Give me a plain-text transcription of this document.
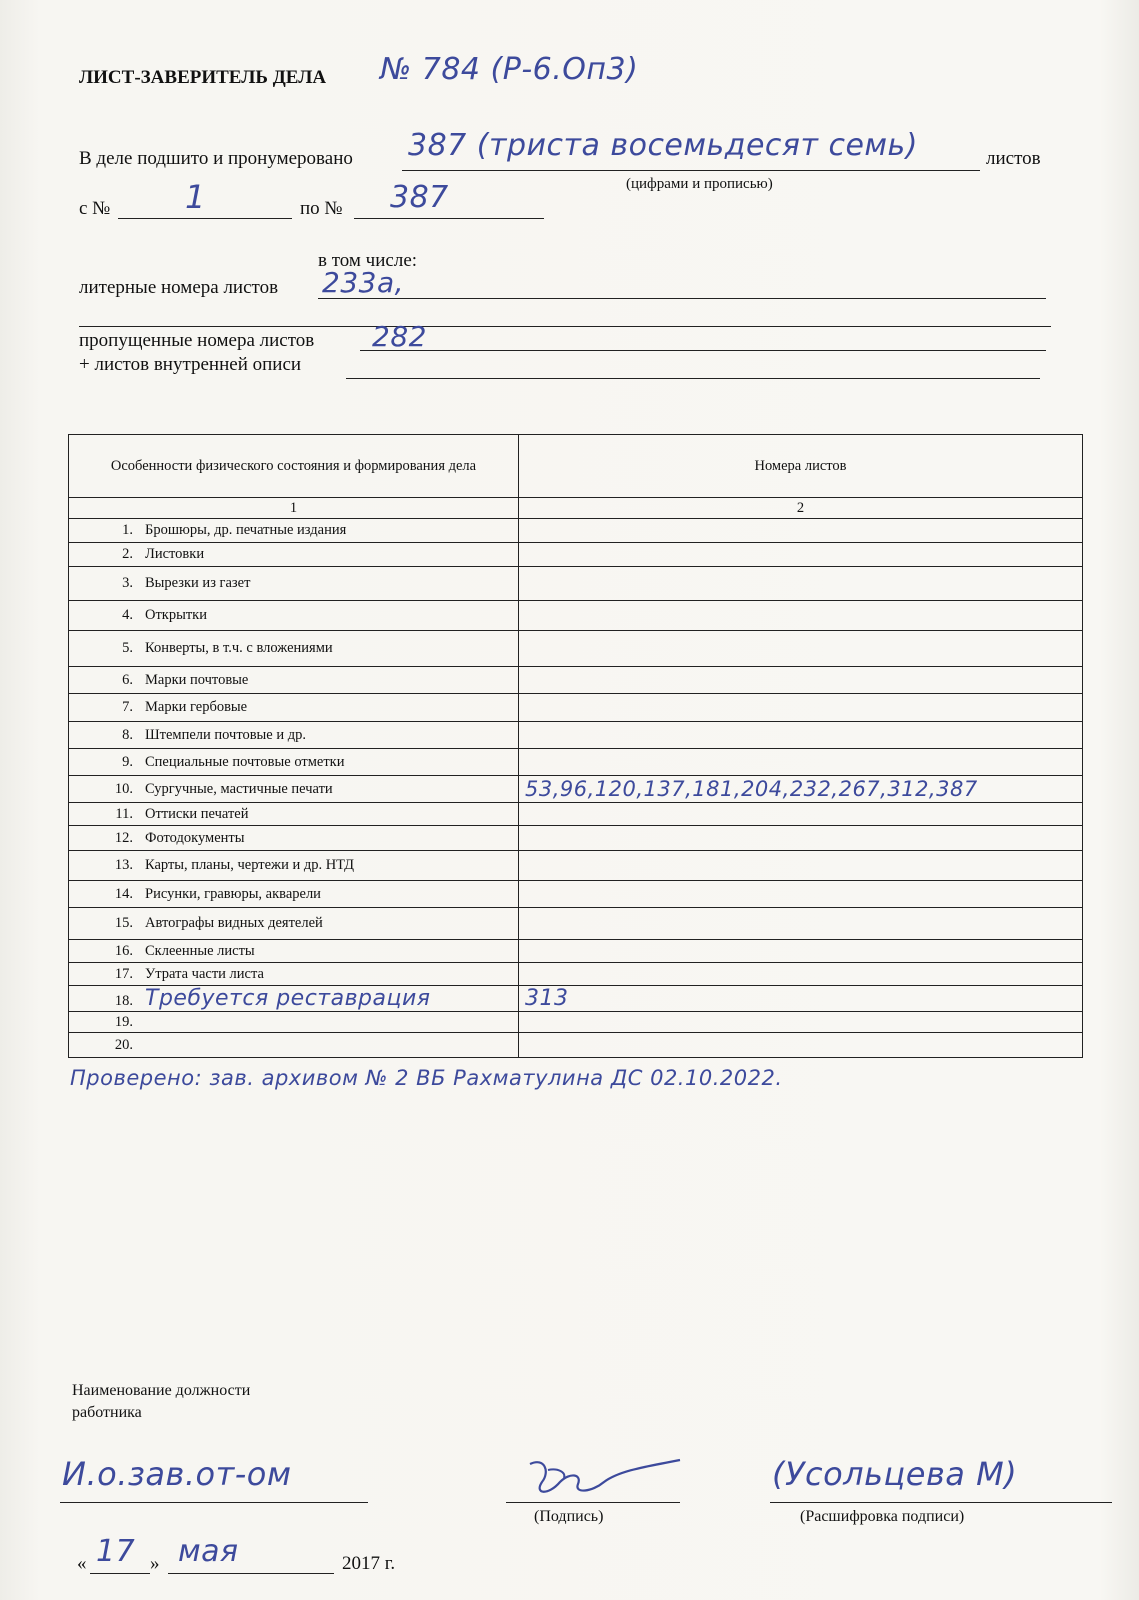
ЛИСТ-ЗАВЕРИТЕЛЬ ДЕЛА № 784 (Р-6.Оп3)
В деле подшито и пронумеровано 387 (триста восемьдесят семь)	листов
(цифрами и прописью)
с № 1	по № 387
в том числе:
литерные номера листов 233а,
пропущенные номера листов 282
+ листов внутренней описи
Особенности физического состояния и формирования дела	Номера листов
1	2
1. Брошюры, др. печатные издания	
2. Листовки	
3. Вырезки из газет	
4. Открытки	
5. Конверты, в т.ч. с вложениями	
6. Марки почтовые	
7. Марки гербовые	
8. Штемпели почтовые и др.	
9. Специальные почтовые отметки	
10. Сургучные, мастичные печати	53,96,120,137,181,204,232,267,312,387
11. Оттиски печатей	
12. Фотодокументы	
13. Карты, планы, чертежи и др. НТД	
14. Рисунки, гравюры, акварели	
15. Автографы видных деятелей	
16. Склеенные листы	
17. Утрата части листа	
18. Требуется реставрация	313
19.	
20.	
Проверено: зав. архивом № 2 ВБ Рахматулина ДС 02.10.2022.
Наименование должности
работника
И.о.зав.от-ом
(Подпись)
(Усольцева М)
(Расшифровка подписи)
« 17 » мая	2017 г.
